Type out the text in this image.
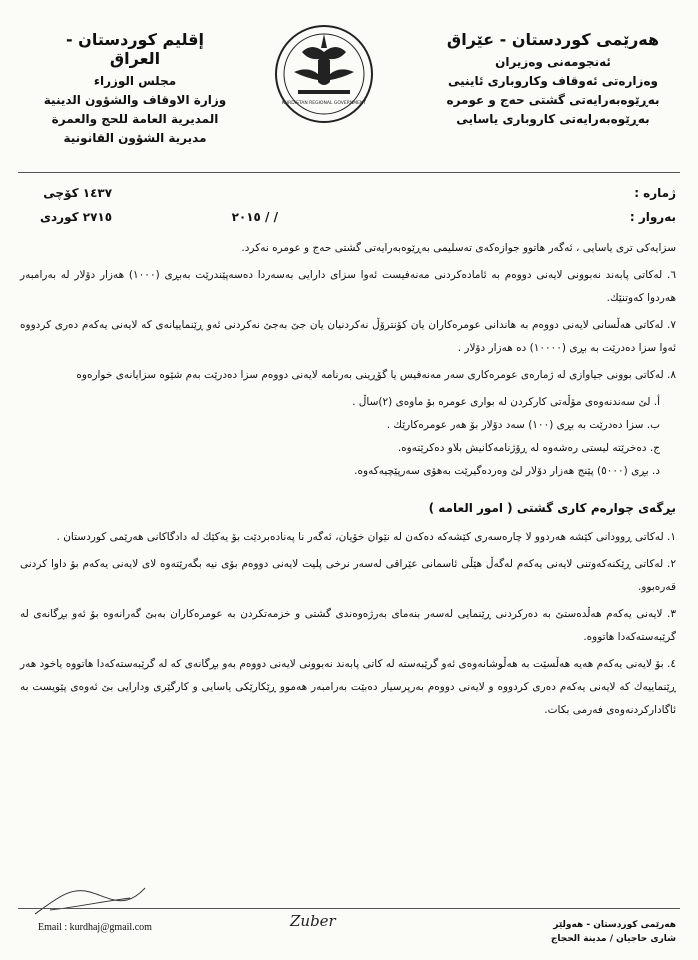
هەرێمی کوردستان - عێراق
ئەنجومەنی وەزیران
وەزارەتی ئەوقاف وکاروباری ئاینیی
بەڕێوەبەرایەتی گشتی حەج و عومرە
بەڕێوەبەرایەتی کاروباری یاسایی
إقليم كوردستان - العراق
مجلس الوزراء
وزارة الاوقاف والشؤون الدينية
المديرية العامة للحج والعمرة
مديرية الشؤون القانونية
KURDISTAN REGIONAL GOVERNMENT
ژمارە :
بەروار :
/ / ٢٠١٥
١٤٣٧ كۆچى
٢٧١٥ كوردی

سزایەکی تری یاسایی ، ئەگەر هاتوو جوازەکەی تەسلیمی بەڕێوەبەرایەتی گشتی حەج و عومرە نەکرد.

٦. لەکاتی پابەند نەبوونی لایەنی دووەم بە ئامادەکردنی مەنەفیست ئەوا سزای دارایی بەسەردا دەسەپێندرێت بەبڕی (١٠٠٠) هەزار دۆلار لە بەرامبەر هەردوا کەوتنێك.

٧. لەکاتی هەڵسانی لایەنی دووەم بە هاندانی عومرەکاران یان کۆنترۆڵ نەکردنیان یان جێ بەجێ نەکردنی ئەو ڕێنماییانەی کە لایەنی یەکەم دەری کردووە ئەوا سزا دەدرێت بە بڕی (١٠٠٠٠) دە هەزار دۆلار .

٨. لەکاتی بوونی جیاوازی لە ژمارەی عومرەکاری سەر مەنەفیس یا گۆڕینی بەرنامە لایەنی دووەم سزا دەدرێت بەم شێوە سزایانەی خوارەوە

أ. لێ سەندنەوەی مۆڵەتی کارکردن لە بواری عومرە بۆ ماوەی (٢)ساڵ .

ب. سزا دەدرێت بە بڕی (١٠٠) سەد دۆلار بۆ هەر عومرەکارێك .

ج. دەخرێتە لیستی رەشەوە لە ڕۆژنامەکانیش بلاو دەکرێتەوە.

د. بڕی (٥٠٠٠) پێنج هەزار دۆلار لێ وەردەگیرێت بەهۆی سەرپێچیەکەوە.

بڕگەی چوارەم کاری گشتی ( امور العامە )

١. لەکاتی ڕوودانی کێشە هەردوو لا چارەسەری کێشەکە دەکەن لە نێوان خۆیان، ئەگەر نا پەنادەبردێت بۆ یەکێك لە دادگاکانی هەرێمی کوردستان .

٢. لەکاتی ڕێکنەکەوتنی لایەنی یەکەم لەگەڵ هێڵی ئاسمانی عێراقی لەسەر نرخی پلیت لایەنی دووەم بۆی نیە بگەرێتەوە لای لایەنی یەکەم بۆ داوا کردنی قەرەبوو.

٣. لایەنی یەکەم هەڵدەستێ بە دەرکردنی ڕێنمایی لەسەر بنەمای بەرژەوەندی گشتی و خزمەتکردن بە عومرەکاران بەبێ گەرانەوە بۆ ئەو بڕگانەی لە گرێبەستەکەدا هاتووە.

٤. بۆ لایەنی یەکەم هەیە هەڵسێت بە هەڵوشانەوەی ئەو گرێبەستە لە کاتی پابەند نەبوونی لایەنی دووەم بەو بڕگانەی کە لە گرێبەستەکەدا هاتووە یاخود هەر ڕێنماییەك کە لایەنی یەکەم دەری کردووە و لایەنی دووەم بەرپرسیار دەبێت بەرامبەر هەموو ڕێکارێکی یاسایی و کارگێری ودارایی بێ ئەوەی پێویست بە ئاگادارکردنەوەی فەرمی بکات.

هەرێمی کوردستان - هەولێر
شاری حاجیان / مدينة الحجاج
Zuber
Email : kurdhaj@gmail.com
